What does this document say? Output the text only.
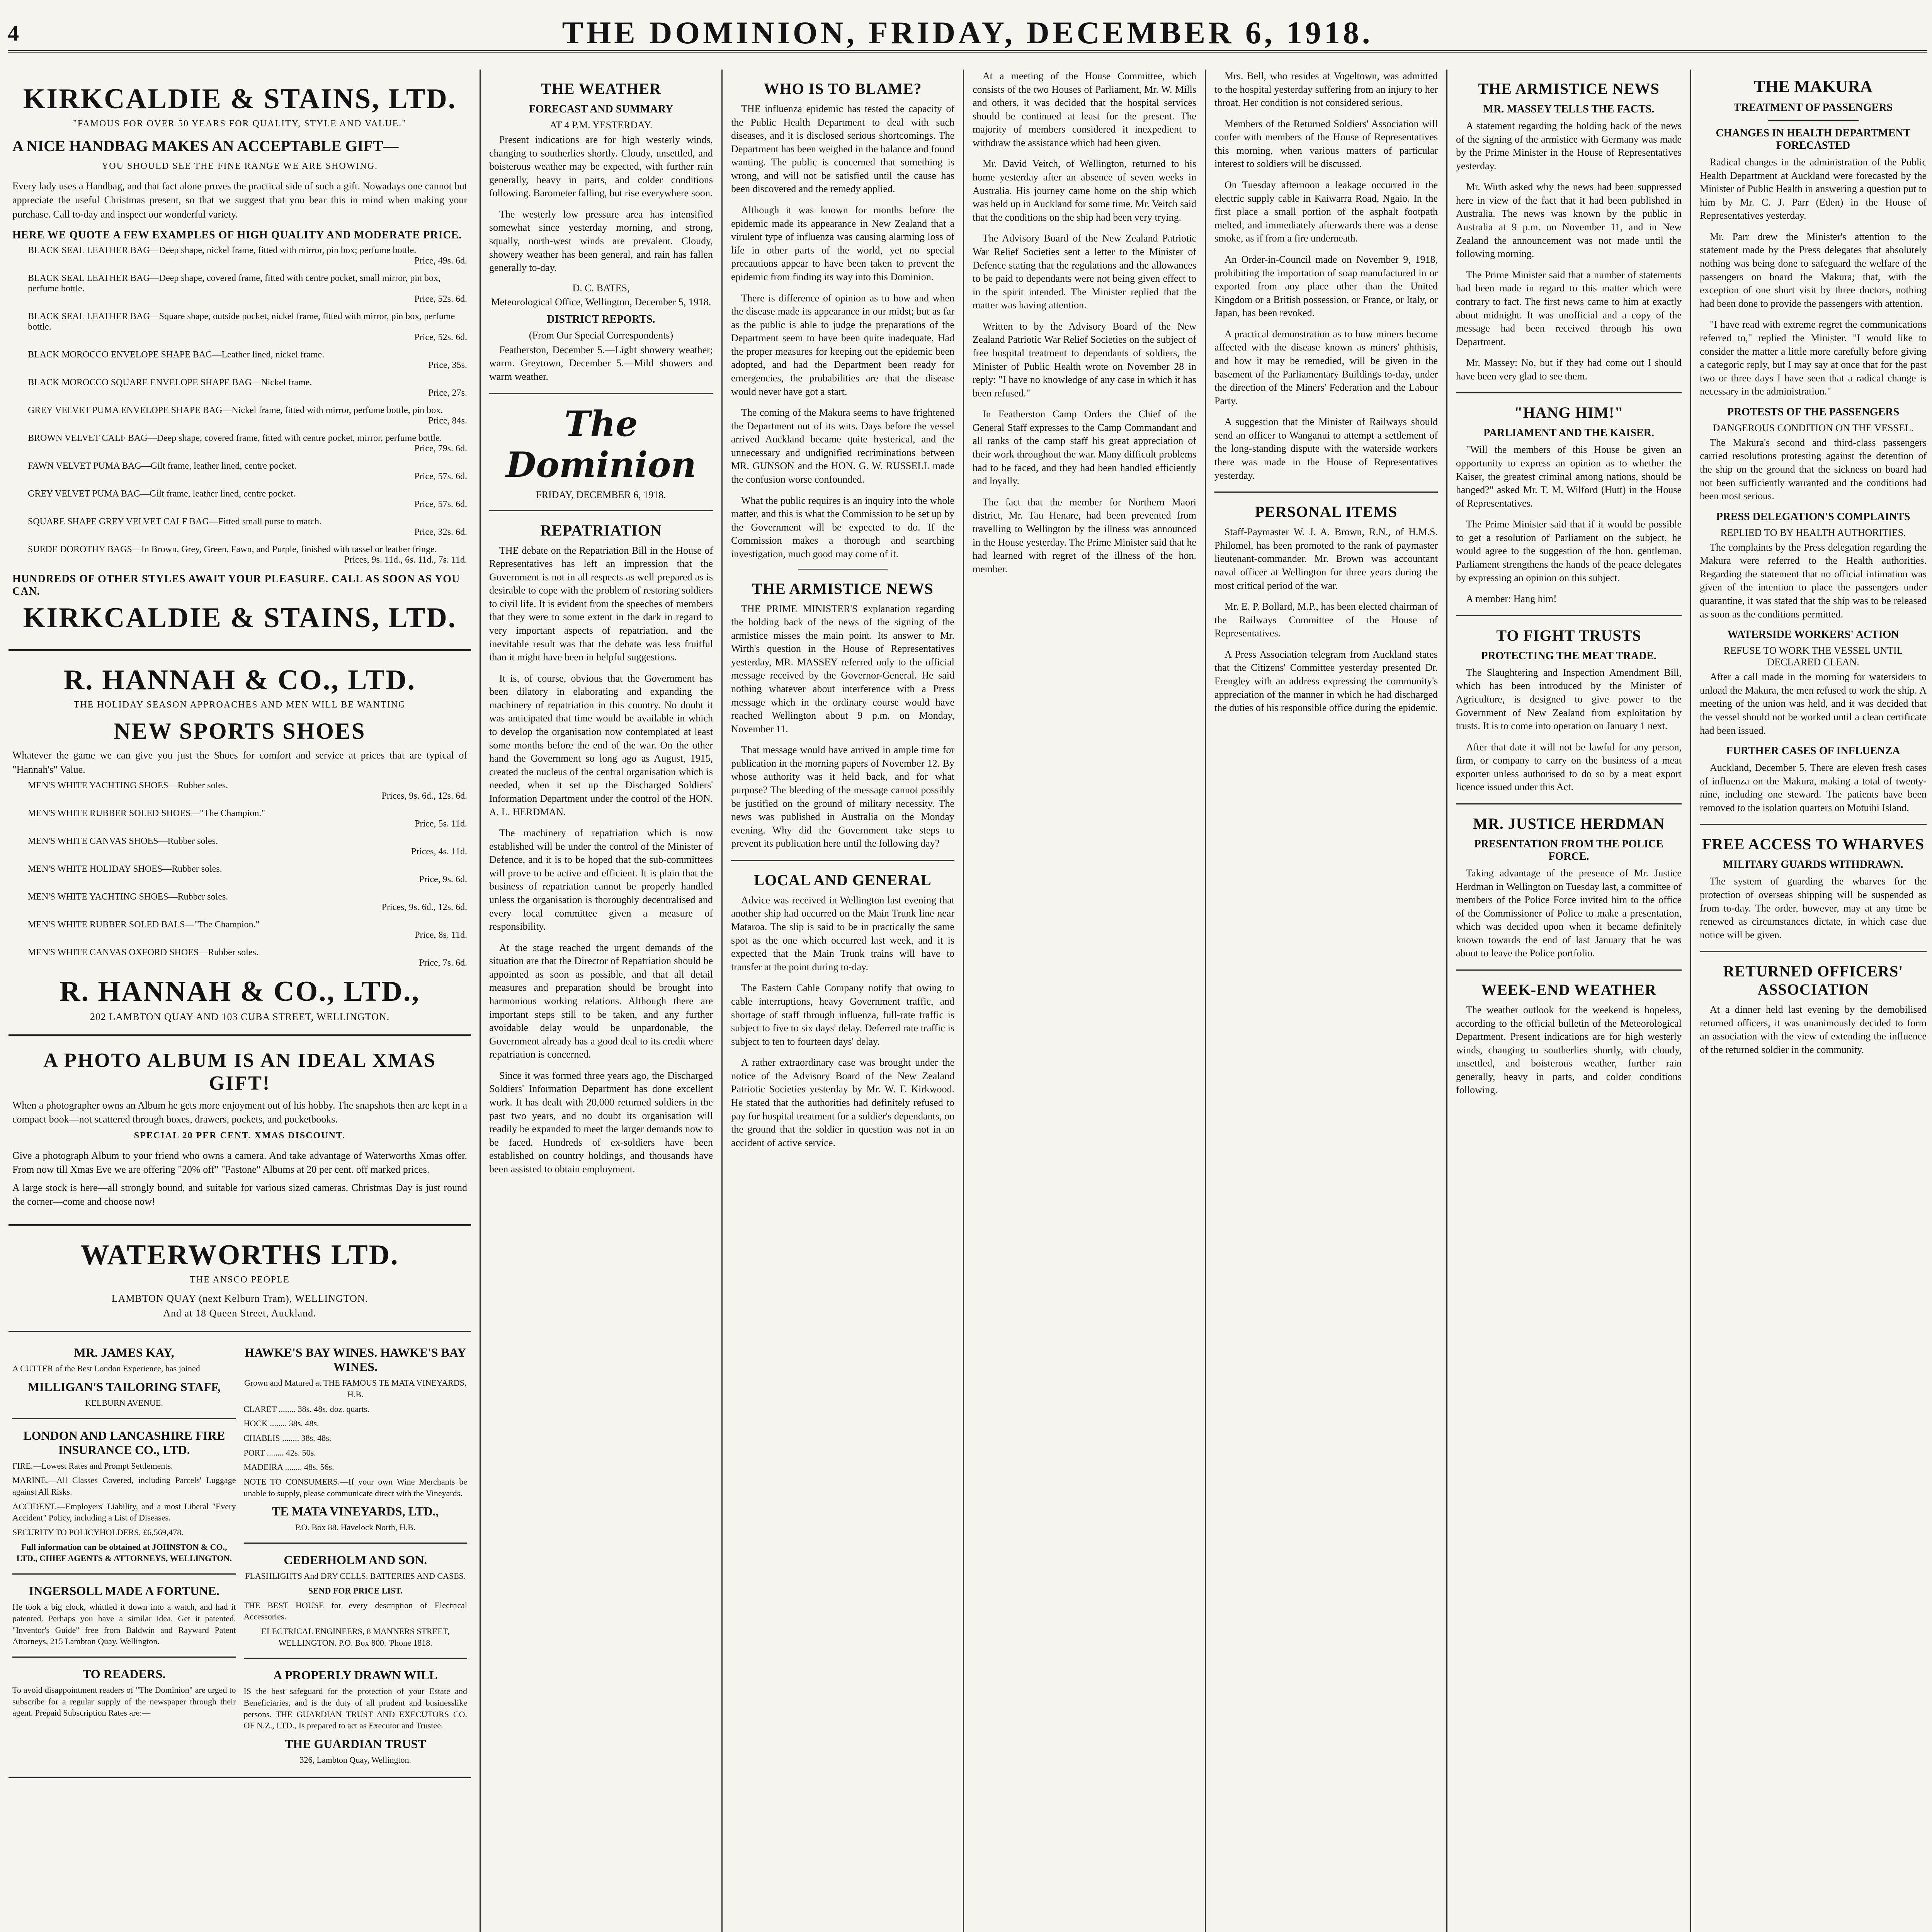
4	THE DOMINION, FRIDAY, DECEMBER 6, 1918.
KIRKCALDIE & STAINS, LTD.
"FAMOUS FOR OVER 50 YEARS FOR QUALITY, STYLE AND VALUE."
A NICE HANDBAG MAKES AN ACCEPTABLE GIFT—
YOU SHOULD SEE THE FINE RANGE WE ARE SHOWING.
Every lady uses a Handbag, and that fact alone proves the practical side of such a gift. Nowadays one cannot but appreciate the useful Christmas present, so that we suggest that you bear this in mind when making your purchase. Call to-day and inspect our wonderful variety.
HERE WE QUOTE A FEW EXAMPLES OF HIGH QUALITY AND MODERATE PRICE.
BLACK SEAL LEATHER BAG—Deep shape, nickel frame, fitted with mirror, pin box; perfume bottle.
Price, 49s. 6d.
BLACK SEAL LEATHER BAG—Deep shape, covered frame, fitted with centre pocket, small mirror, pin box, perfume bottle.
Price, 52s. 6d.
BLACK SEAL LEATHER BAG—Square shape, outside pocket, nickel frame, fitted with mirror, pin box, perfume bottle.
Price, 52s. 6d.
BLACK MOROCCO ENVELOPE SHAPE BAG—Leather lined, nickel frame.
Price, 35s.
BLACK MOROCCO SQUARE ENVELOPE SHAPE BAG—Nickel frame.
Price, 27s.
GREY VELVET PUMA ENVELOPE SHAPE BAG—Nickel frame, fitted with mirror, perfume bottle, pin box.
Price, 84s.
BROWN VELVET CALF BAG—Deep shape, covered frame, fitted with centre pocket, mirror, perfume bottle.
Price, 79s. 6d.
FAWN VELVET PUMA BAG—Gilt frame, leather lined, centre pocket.
Price, 57s. 6d.
GREY VELVET PUMA BAG—Gilt frame, leather lined, centre pocket.
Price, 57s. 6d.
SQUARE SHAPE GREY VELVET CALF BAG—Fitted small purse to match.
Price, 32s. 6d.
SUEDE DOROTHY BAGS—In Brown, Grey, Green, Fawn, and Purple, finished with tassel or leather fringe.
Prices, 9s. 11d., 6s. 11d., 7s. 11d.
HUNDREDS OF OTHER STYLES AWAIT YOUR PLEASURE. CALL AS SOON AS YOU CAN.
KIRKCALDIE & STAINS, LTD.
R. HANNAH & CO., LTD.
THE HOLIDAY SEASON APPROACHES AND MEN WILL BE WANTING
NEW SPORTS SHOES
Whatever the game we can give you just the Shoes for comfort and service at prices that are typical of "Hannah's" Value.
MEN'S WHITE YACHTING SHOES—Rubber soles.
Prices, 9s. 6d., 12s. 6d.
MEN'S WHITE RUBBER SOLED SHOES—"The Champion."
Price, 5s. 11d.
MEN'S WHITE CANVAS SHOES—Rubber soles.
Prices, 4s. 11d.
MEN'S WHITE HOLIDAY SHOES—Rubber soles.
Price, 9s. 6d.
MEN'S WHITE YACHTING SHOES—Rubber soles.
Prices, 9s. 6d., 12s. 6d.
MEN'S WHITE RUBBER SOLED BALS—"The Champion."
Price, 8s. 11d.
MEN'S WHITE CANVAS OXFORD SHOES—Rubber soles.
Price, 7s. 6d.
R. HANNAH & CO., LTD.,
202 LAMBTON QUAY AND 103 CUBA STREET, WELLINGTON.
A PHOTO ALBUM IS AN IDEAL XMAS GIFT!
When a photographer owns an Album he gets more enjoyment out of his hobby. The snapshots then are kept in a compact book—not scattered through boxes, drawers, pockets, and pocketbooks.
SPECIAL 20 PER CENT. XMAS DISCOUNT.
Give a photograph Album to your friend who owns a camera. And take advantage of Waterworths Xmas offer. From now till Xmas Eve we are offering "20% off" "Pastone" Albums at 20 per cent. off marked prices.
A large stock is here—all strongly bound, and suitable for various sized cameras. Christmas Day is just round the corner—come and choose now!
WATERWORTHS LTD.
THE ANSCO PEOPLE
LAMBTON QUAY (next Kelburn Tram), WELLINGTON.
And at 18 Queen Street, Auckland.
MR. JAMES KAY,
A CUTTER of the Best London Experience, has joined
MILLIGAN'S TAILORING STAFF,
KELBURN AVENUE.
LONDON AND LANCASHIRE FIRE INSURANCE CO., LTD.
FIRE.—Lowest Rates and Prompt Settlements.
MARINE.—All Classes Covered, including Parcels' Luggage against All Risks.
ACCIDENT.—Employers' Liability, and a most Liberal "Every Accident" Policy, including a List of Diseases.
SECURITY TO POLICYHOLDERS, £6,569,478.
Full information can be obtained at JOHNSTON & CO., LTD., CHIEF AGENTS & ATTORNEYS, WELLINGTON.
INGERSOLL MADE A FORTUNE.
He took a big clock, whittled it down into a watch, and had it patented. Perhaps you have a similar idea. Get it patented. "Inventor's Guide" free from Baldwin and Rayward Patent Attorneys, 215 Lambton Quay, Wellington.
TO READERS.
To avoid disappointment readers of "The Dominion" are urged to subscribe for a regular supply of the newspaper through their agent. Prepaid Subscription Rates are:—
HAWKE'S BAY WINES. HAWKE'S BAY WINES.
Grown and Matured at THE FAMOUS TE MATA VINEYARDS, H.B.
CLARET ........ 38s. 48s. doz. quarts.
HOCK ........ 38s. 48s.
CHABLIS ........ 38s. 48s.
PORT ........ 42s. 50s.
MADEIRA ........ 48s. 56s.
NOTE TO CONSUMERS.—If your own Wine Merchants be unable to supply, please communicate direct with the Vineyards.
TE MATA VINEYARDS, LTD.,
P.O. Box 88. Havelock North, H.B.
CEDERHOLM AND SON.
FLASHLIGHTS And DRY CELLS. BATTERIES AND CASES.
SEND FOR PRICE LIST.
THE BEST HOUSE for every description of Electrical Accessories.
ELECTRICAL ENGINEERS, 8 MANNERS STREET, WELLINGTON. P.O. Box 800. 'Phone 1818.
A PROPERLY DRAWN WILL
IS the best safeguard for the protection of your Estate and Beneficiaries, and is the duty of all prudent and businesslike persons. THE GUARDIAN TRUST AND EXECUTORS CO. OF N.Z., LTD., Is prepared to act as Executor and Trustee.
THE GUARDIAN TRUST
326, Lambton Quay, Wellington.
THE WEATHER
FORECAST AND SUMMARY
AT 4 P.M. YESTERDAY.

Present indications are for high westerly winds, changing to southerlies shortly. Cloudy, unsettled, and boisterous weather may be expected, with further rain generally, heavy in parts, and colder conditions following. Barometer falling, but rise everywhere soon.

The westerly low pressure area has intensified somewhat since yesterday morning, and strong, squally, north-west winds are prevalent. Cloudy, showery weather has been general, and rain has fallen generally to-day.

D. C. BATES,
Meteorological Office, Wellington, December 5, 1918.
DISTRICT REPORTS.
(From Our Special Correspondents)

Featherston, December 5.—Light showery weather; warm. Greytown, December 5.—Mild showers and warm weather.

The Dominion
FRIDAY, DECEMBER 6, 1918.
REPATRIATION

THE debate on the Repatriation Bill in the House of Representatives has left an impression that the Government is not in all respects as well prepared as is desirable to cope with the problem of restoring soldiers to civil life. It is evident from the speeches of members that they were to some extent in the dark in regard to very important aspects of repatriation, and the inevitable result was that the debate was less fruitful than it might have been in helpful suggestions.

It is, of course, obvious that the Government has been dilatory in elaborating and expanding the machinery of repatriation in this country. No doubt it was anticipated that time would be available in which to develop the organisation now contemplated at least some months before the end of the war. On the other hand the Government so long ago as August, 1915, created the nucleus of the central organisation which is needed, when it set up the Discharged Soldiers' Information Department under the control of the HON. A. L. HERDMAN.

The machinery of repatriation which is now established will be under the control of the Minister of Defence, and it is to be hoped that the sub-committees will prove to be active and efficient. It is plain that the business of repatriation cannot be properly handled unless the organisation is thoroughly decentralised and every local committee given a measure of responsibility.

At the stage reached the urgent demands of the situation are that the Director of Repatriation should be appointed as soon as possible, and that all detail measures and preparation should be brought into harmonious working relations. Although there are important steps still to be taken, and any further avoidable delay would be unpardonable, the Government already has a good deal to its credit where repatriation is concerned.

Since it was formed three years ago, the Discharged Soldiers' Information Department has done excellent work. It has dealt with 20,000 returned soldiers in the past two years, and no doubt its organisation will readily be expanded to meet the larger demands now to be faced. Hundreds of ex-soldiers have been established on country holdings, and thousands have been assisted to obtain employment.

WHO IS TO BLAME?

THE influenza epidemic has tested the capacity of the Public Health Department to deal with such diseases, and it is disclosed serious shortcomings. The Department has been weighed in the balance and found wanting. The public is concerned that something is wrong, and will not be satisfied until the cause has been discovered and the remedy applied.

Although it was known for months before the epidemic made its appearance in New Zealand that a virulent type of influenza was causing alarming loss of life in other parts of the world, yet no special precautions appear to have been taken to prevent the epidemic from finding its way into this Dominion.

There is difference of opinion as to how and when the disease made its appearance in our midst; but as far as the public is able to judge the preparations of the Department seem to have been quite inadequate. Had the proper measures for keeping out the epidemic been adopted, and had the Department been ready for emergencies, the probabilities are that the disease would never have got a start.

The coming of the Makura seems to have frightened the Department out of its wits. Days before the vessel arrived Auckland became quite hysterical, and the unnecessary and undignified recriminations between MR. GUNSON and the HON. G. W. RUSSELL made the confusion worse confounded.

What the public requires is an inquiry into the whole matter, and this is what the Commission to be set up by the Government will be expected to do. If the Commission makes a thorough and searching investigation, much good may come of it.

THE ARMISTICE NEWS

THE PRIME MINISTER'S explanation regarding the holding back of the news of the signing of the armistice misses the main point. Its answer to Mr. Wirth's question in the House of Representatives yesterday, MR. MASSEY referred only to the official message received by the Governor-General. He said nothing whatever about interference with a Press message which in the ordinary course would have reached Wellington about 9 p.m. on Monday, November 11.

That message would have arrived in ample time for publication in the morning papers of November 12. By whose authority was it held back, and for what purpose? The bleeding of the message cannot possibly be justified on the ground of military necessity. The news was published in Australia on the Monday evening. Why did the Government take steps to prevent its publication here until the following day?

LOCAL AND GENERAL

Advice was received in Wellington last evening that another ship had occurred on the Main Trunk line near Mataroa. The slip is said to be in practically the same spot as the one which occurred last week, and it is expected that the Main Trunk trains will have to transfer at the point during to-day.

The Eastern Cable Company notify that owing to cable interruptions, heavy Government traffic, and shortage of staff through influenza, full-rate traffic is subject to five to six days' delay. Deferred rate traffic is subject to ten to fourteen days' delay.

A rather extraordinary case was brought under the notice of the Advisory Board of the New Zealand Patriotic Societies yesterday by Mr. W. F. Kirkwood. He stated that the authorities had definitely refused to pay for hospital treatment for a soldier's dependants, on the ground that the soldier in question was not in an accident of active service.

At a meeting of the House Committee, which consists of the two Houses of Parliament, Mr. W. Mills and others, it was decided that the hospital services should be continued at least for the present. The majority of members considered it inexpedient to withdraw the assistance which had been given.

Mr. David Veitch, of Wellington, returned to his home yesterday after an absence of seven weeks in Australia. His journey came home on the ship which was held up in Auckland for some time. Mr. Veitch said that the conditions on the ship had been very trying.

The Advisory Board of the New Zealand Patriotic War Relief Societies sent a letter to the Minister of Defence stating that the regulations and the allowances to be paid to dependants were not being given effect to in the spirit intended. The Minister replied that the matter was having attention.

Written to by the Advisory Board of the New Zealand Patriotic War Relief Societies on the subject of free hospital treatment to dependants of soldiers, the Minister of Public Health wrote on November 28 in reply: "I have no knowledge of any case in which it has been refused."

In Featherston Camp Orders the Chief of the General Staff expresses to the Camp Commandant and all ranks of the camp staff his great appreciation of their work throughout the war. Many difficult problems had to be faced, and they had been handled efficiently and loyally.

The fact that the member for Northern Maori district, Mr. Tau Henare, had been prevented from travelling to Wellington by the illness was announced in the House yesterday. The Prime Minister said that he had learned with regret of the illness of the hon. member.

Mrs. Bell, who resides at Vogeltown, was admitted to the hospital yesterday suffering from an injury to her throat. Her condition is not considered serious.

Members of the Returned Soldiers' Association will confer with members of the House of Representatives this morning, when various matters of particular interest to soldiers will be discussed.

On Tuesday afternoon a leakage occurred in the electric supply cable in Kaiwarra Road, Ngaio. In the first place a small portion of the asphalt footpath melted, and immediately afterwards there was a dense smoke, as if from a fire underneath.

An Order-in-Council made on November 9, 1918, prohibiting the importation of soap manufactured in or exported from any place other than the United Kingdom or a British possession, or France, or Italy, or Japan, has been revoked.

A practical demonstration as to how miners become affected with the disease known as miners' phthisis, and how it may be remedied, will be given in the basement of the Parliamentary Buildings to-day, under the direction of the Miners' Federation and the Labour Party.

A suggestion that the Minister of Railways should send an officer to Wanganui to attempt a settlement of the long-standing dispute with the waterside workers there was made in the House of Representatives yesterday.

PERSONAL ITEMS

Staff-Paymaster W. J. A. Brown, R.N., of H.M.S. Philomel, has been promoted to the rank of paymaster lieutenant-commander. Mr. Brown was accountant naval officer at Wellington for three years during the most critical period of the war.

Mr. E. P. Bollard, M.P., has been elected chairman of the Railways Committee of the House of Representatives.

A Press Association telegram from Auckland states that the Citizens' Committee yesterday presented Dr. Frengley with an address expressing the community's appreciation of the manner in which he had discharged the duties of his responsible office during the epidemic.

THE ARMISTICE NEWS
MR. MASSEY TELLS THE FACTS.

A statement regarding the holding back of the news of the signing of the armistice with Germany was made by the Prime Minister in the House of Representatives yesterday.

Mr. Wirth asked why the news had been suppressed here in view of the fact that it had been published in Australia. The news was known by the public in Australia at 9 p.m. on November 11, and in New Zealand the announcement was not made until the following morning.

The Prime Minister said that a number of statements had been made in regard to this matter which were contrary to fact. The first news came to him at exactly about midnight. It was unofficial and a copy of the message had been received through his own Department.

Mr. Massey: No, but if they had come out I should have been very glad to see them.

"HANG HIM!"
PARLIAMENT AND THE KAISER.

"Will the members of this House be given an opportunity to express an opinion as to whether the Kaiser, the greatest criminal among nations, should be hanged?" asked Mr. T. M. Wilford (Hutt) in the House of Representatives.

The Prime Minister said that if it would be possible to get a resolution of Parliament on the subject, he would agree to the suggestion of the hon. gentleman. Parliament strengthens the hands of the peace delegates by expressing an opinion on this subject.

A member: Hang him!

TO FIGHT TRUSTS
PROTECTING THE MEAT TRADE.

The Slaughtering and Inspection Amendment Bill, which has been introduced by the Minister of Agriculture, is designed to give power to the Government of New Zealand from exploitation by trusts. It is to come into operation on January 1 next.

After that date it will not be lawful for any person, firm, or company to carry on the business of a meat exporter unless authorised to do so by a meat export licence issued under this Act.

MR. JUSTICE HERDMAN
PRESENTATION FROM THE POLICE FORCE.

Taking advantage of the presence of Mr. Justice Herdman in Wellington on Tuesday last, a committee of members of the Police Force invited him to the office of the Commissioner of Police to make a presentation, which was decided upon when it became definitely known towards the end of last January that he was about to leave the Police portfolio.

WEEK-END WEATHER

The weather outlook for the weekend is hopeless, according to the official bulletin of the Meteorological Department. Present indications are for high westerly winds, changing to southerlies shortly, with cloudy, unsettled, and boisterous weather, further rain generally, heavy in parts, and colder conditions following.

THE MAKURA
TREATMENT OF PASSENGERS
CHANGES IN HEALTH DEPARTMENT FORECASTED

Radical changes in the administration of the Public Health Department at Auckland were forecasted by the Minister of Public Health in answering a question put to him by Mr. C. J. Parr (Eden) in the House of Representatives yesterday.

Mr. Parr drew the Minister's attention to the statement made by the Press delegates that absolutely nothing was being done to safeguard the welfare of the passengers on board the Makura; that, with the exception of one short visit by three doctors, nothing had been done to provide the passengers with attention.

"I have read with extreme regret the communications referred to," replied the Minister. "I would like to consider the matter a little more carefully before giving a categoric reply, but I may say at once that for the past two or three days I have seen that a radical change is necessary in the administration."

PROTESTS OF THE PASSENGERS
DANGEROUS CONDITION ON THE VESSEL.

The Makura's second and third-class passengers carried resolutions protesting against the detention of the ship on the ground that the sickness on board had not been sufficiently warranted and the conditions had been most serious.

PRESS DELEGATION'S COMPLAINTS
REPLIED TO BY HEALTH AUTHORITIES.

The complaints by the Press delegation regarding the Makura were referred to the Health authorities. Regarding the statement that no official intimation was given of the intention to place the passengers under quarantine, it was stated that the ship was to be released as soon as the conditions permitted.

WATERSIDE WORKERS' ACTION
REFUSE TO WORK THE VESSEL UNTIL DECLARED CLEAN.

After a call made in the morning for watersiders to unload the Makura, the men refused to work the ship. A meeting of the union was held, and it was decided that the vessel should not be worked until a clean certificate had been issued.

FURTHER CASES OF INFLUENZA

Auckland, December 5. There are eleven fresh cases of influenza on the Makura, making a total of twenty-nine, including one steward. The patients have been removed to the isolation quarters on Motuihi Island.

FREE ACCESS TO WHARVES
MILITARY GUARDS WITHDRAWN.

The system of guarding the wharves for the protection of overseas shipping will be suspended as from to-day. The order, however, may at any time be renewed as circumstances dictate, in which case due notice will be given.

RETURNED OFFICERS' ASSOCIATION

At a dinner held last evening by the demobilised returned officers, it was unanimously decided to form an association with the view of extending the influence of the returned soldier in the community.
